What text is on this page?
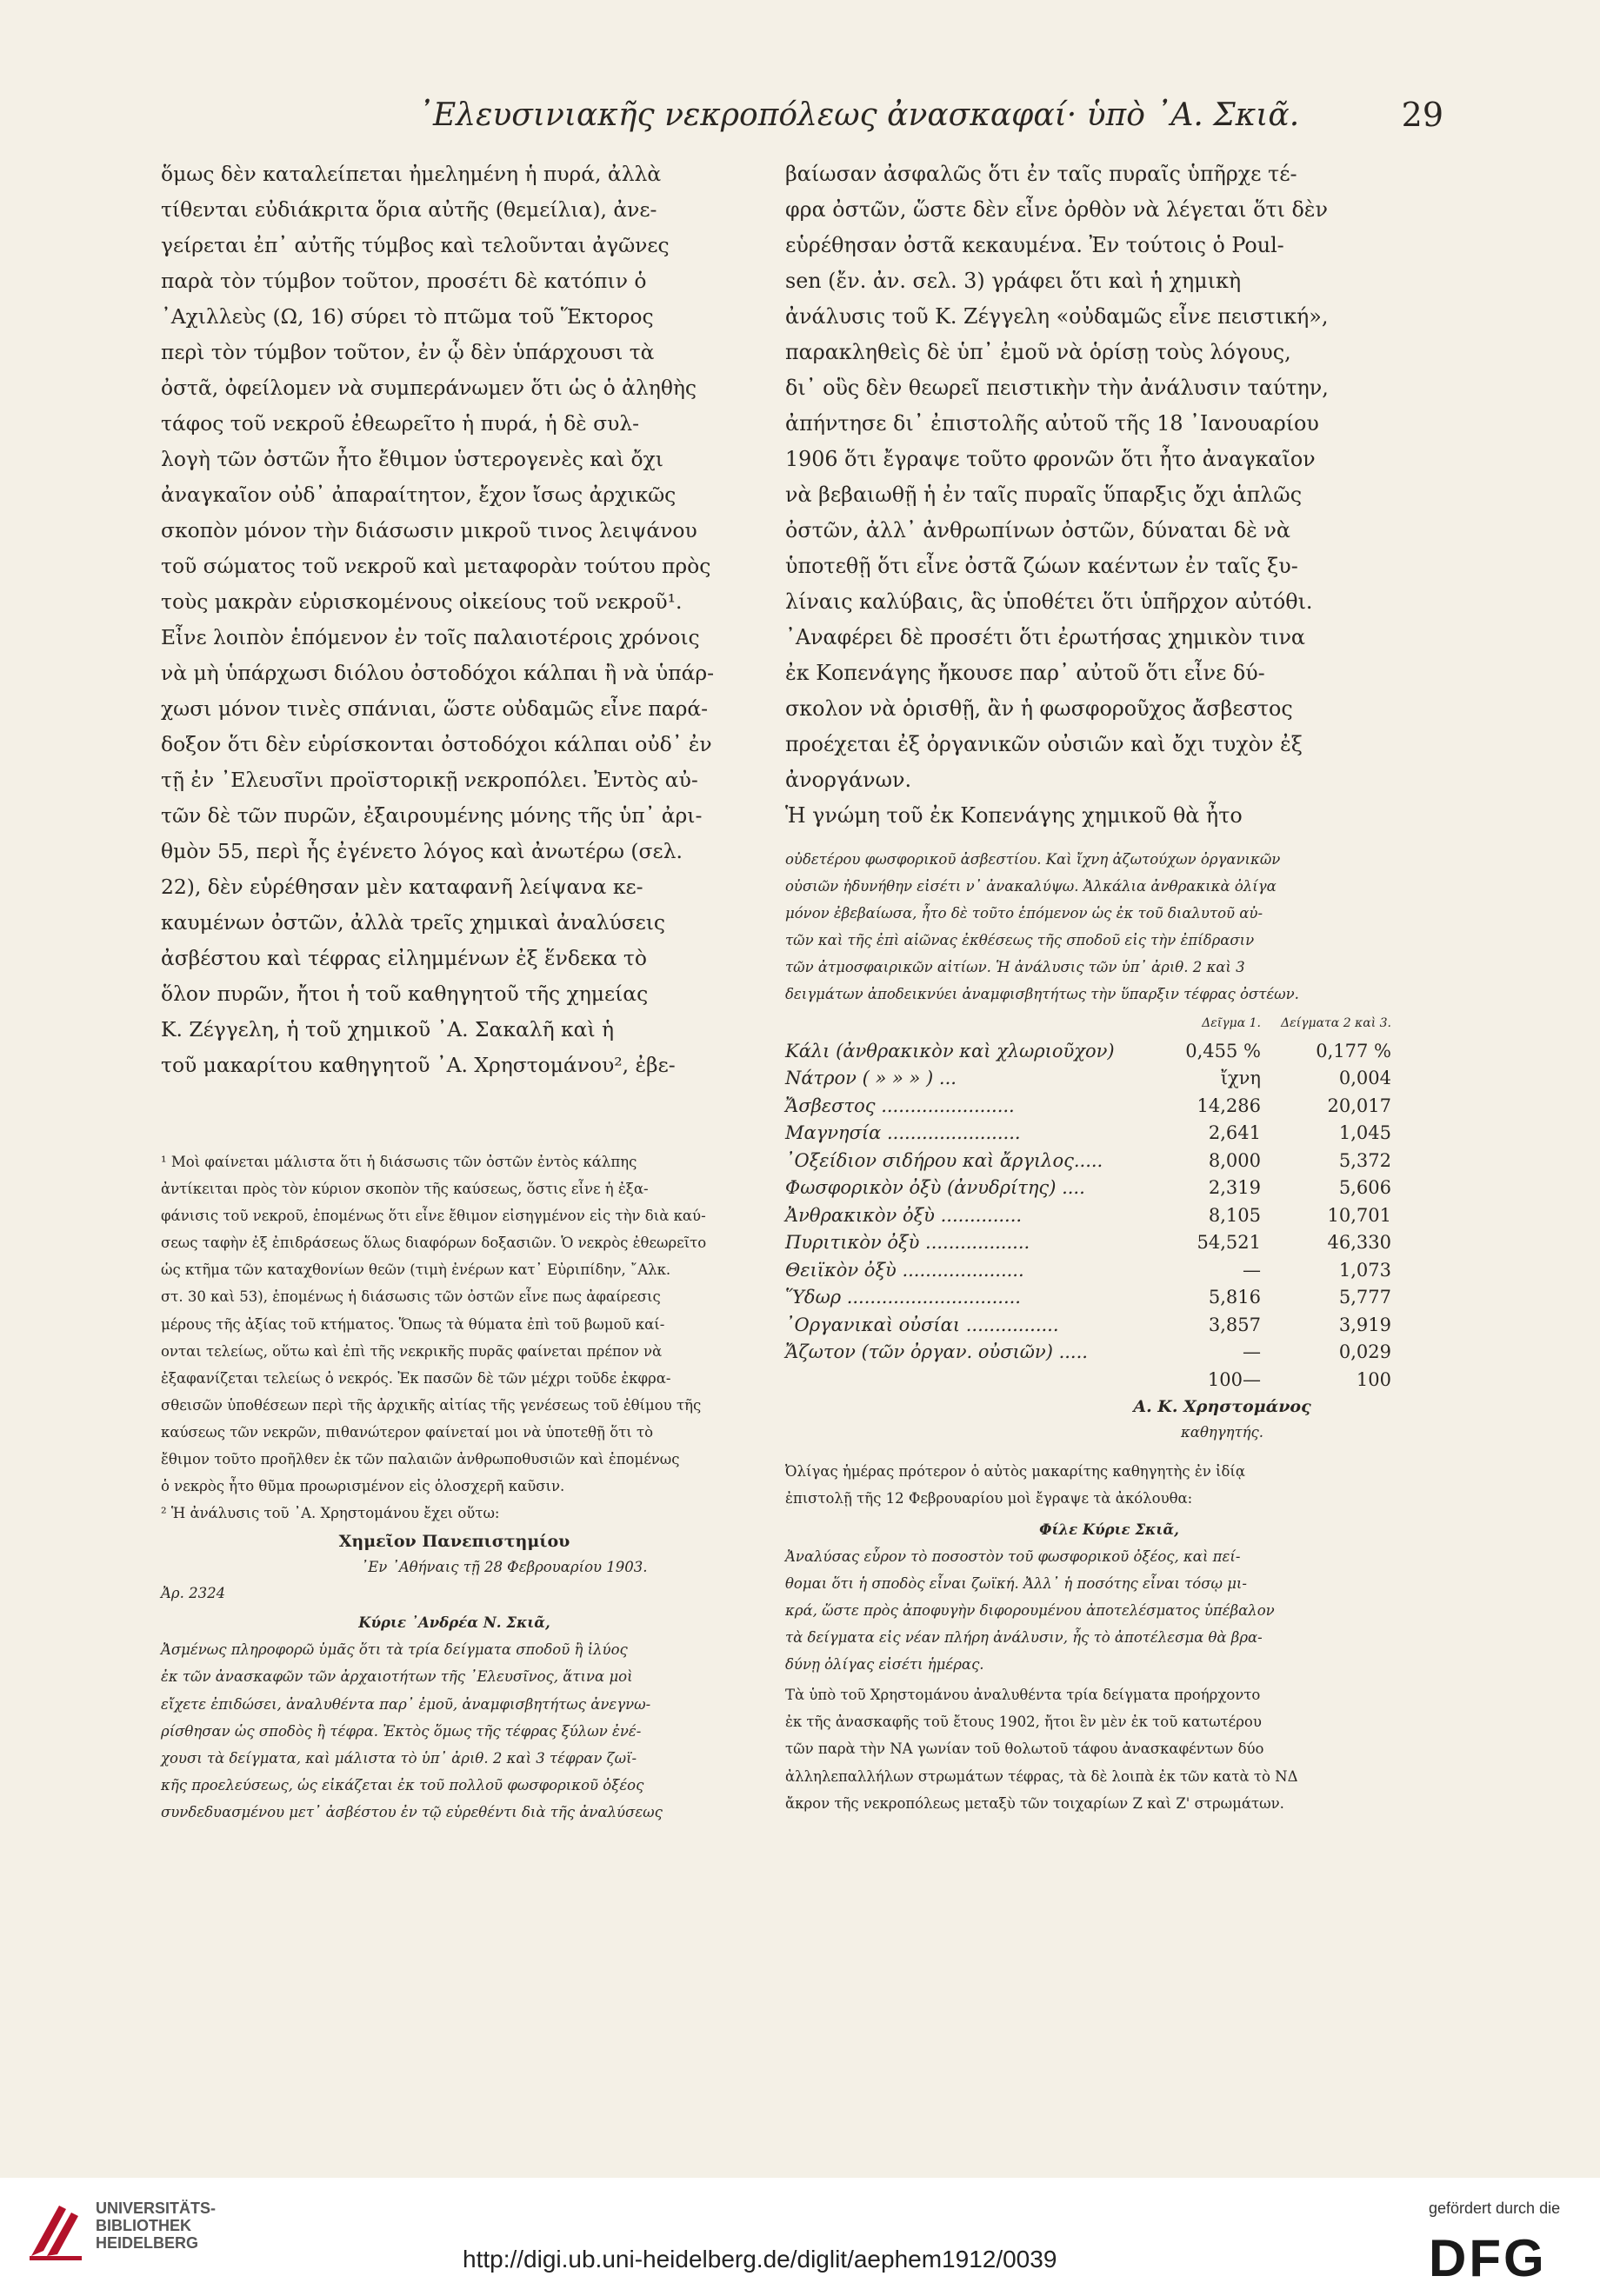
᾿Ελευσινιακῆς νεκροπόλεως ἀνασκαφαί· ὑπὸ ᾿Α. Σκιᾶ.	29
ὅμως δὲν καταλείπεται ἠμελημένη ἡ πυρά, ἀλλὰ
τίθενται εὐδιάκριτα ὅρια αὐτῆς (θεμείλια), ἀνε-
γείρεται ἐπ᾿ αὐτῆς τύμβος καὶ τελοῦνται ἀγῶνες
παρὰ τὸν τύμβον τοῦτον, προσέτι δὲ κατόπιν ὁ
᾿Αχιλλεὺς (Ω, 16) σύρει τὸ πτῶμα τοῦ Ἕκτορος
περὶ τὸν τύμβον τοῦτον, ἐν ᾧ δὲν ὑπάρχουσι τὰ
ὀστᾶ, ὀφείλομεν νὰ συμπεράνωμεν ὅτι ὡς ὁ ἀληθὴς
τάφος τοῦ νεκροῦ ἐθεωρεῖτο ἡ πυρά, ἡ δὲ συλ-
λογὴ τῶν ὀστῶν ἦτο ἔθιμον ὑστερογενὲς καὶ ὄχι
ἀναγκαῖον οὐδ᾿ ἀπαραίτητον, ἔχον ἴσως ἀρχικῶς
σκοπὸν μόνον τὴν διάσωσιν μικροῦ τινος λειψάνου
τοῦ σώματος τοῦ νεκροῦ καὶ μεταφορὰν τούτου πρὸς
τοὺς μακρὰν εὑρισκομένους οἰκείους τοῦ νεκροῦ¹.
Εἶνε λοιπὸν ἑπόμενον ἐν τοῖς παλαιοτέροις χρόνοις
νὰ μὴ ὑπάρχωσι διόλου ὀστοδόχοι κάλπαι ἢ νὰ ὑπάρ-
χωσι μόνον τινὲς σπάνιαι, ὥστε οὐδαμῶς εἶνε παρά-
δοξον ὅτι δὲν εὑρίσκονται ὀστοδόχοι κάλπαι οὐδ᾿ ἐν
τῇ ἐν ᾿Ελευσῖνι προϊστορικῇ νεκροπόλει. Ἐντὸς αὐ-
τῶν δὲ τῶν πυρῶν, ἐξαιρουμένης μόνης τῆς ὑπ᾿ ἀρι-
θμὸν 55, περὶ ἧς ἐγένετο λόγος καὶ ἀνωτέρω (σελ.
22), δὲν εὑρέθησαν μὲν καταφανῆ λείψανα κε-
καυμένων ὀστῶν, ἀλλὰ τρεῖς χημικαὶ ἀναλύσεις
ἀσβέστου καὶ τέφρας εἰλημμένων ἐξ ἕνδεκα τὸ
ὅλον πυρῶν, ἤτοι ἡ τοῦ καθηγητοῦ τῆς χημείας
Κ. Ζέγγελη, ἡ τοῦ χημικοῦ ᾿Α. Σακαλῆ καὶ ἡ
τοῦ μακαρίτου καθηγητοῦ ᾿Α. Χρηστομάνου², ἐβε-
¹ Μοὶ φαίνεται μάλιστα ὅτι ἡ διάσωσις τῶν ὀστῶν ἐντὸς κάλπης
ἀντίκειται πρὸς τὸν κύριον σκοπὸν τῆς καύσεως, ὅστις εἶνε ἡ ἐξα-
φάνισις τοῦ νεκροῦ, ἑπομένως ὅτι εἶνε ἔθιμον εἰσηγμένον εἰς τὴν διὰ καύ-
σεως ταφὴν ἐξ ἐπιδράσεως ὅλως διαφόρων δοξασιῶν. Ὁ νεκρὸς ἐθεωρεῖτο
ὡς κτῆμα τῶν καταχθονίων θεῶν (τιμὴ ἐνέρων κατ᾿ Εὐριπίδην, ῎Αλκ.
στ. 30 καὶ 53), ἑπομένως ἡ διάσωσις τῶν ὀστῶν εἶνε πως ἀφαίρεσις
μέρους τῆς ἀξίας τοῦ κτήματος. Ὅπως τὰ θύματα ἐπὶ τοῦ βωμοῦ καί-
ονται τελείως, οὕτω καὶ ἐπὶ τῆς νεκρικῆς πυρᾶς φαίνεται πρέπον νὰ
ἐξαφανίζεται τελείως ὁ νεκρός. Ἐκ πασῶν δὲ τῶν μέχρι τοῦδε ἐκφρα-
σθεισῶν ὑποθέσεων περὶ τῆς ἀρχικῆς αἰτίας τῆς γενέσεως τοῦ ἐθίμου τῆς
καύσεως τῶν νεκρῶν, πιθανώτερον φαίνεταί μοι νὰ ὑποτεθῇ ὅτι τὸ
ἔθιμον τοῦτο προῆλθεν ἐκ τῶν παλαιῶν ἀνθρωποθυσιῶν καὶ ἑπομένως
ὁ νεκρὸς ἦτο θῦμα προωρισμένον εἰς ὁλοσχερῆ καῦσιν.
² Ἡ ἀνάλυσις τοῦ ᾿Α. Χρηστομάνου ἔχει οὕτω:
Χημεῖον Πανεπιστημίου
᾿Εν ᾿Αθήναις τῇ 28 Φεβρουαρίου 1903.
Ἀρ. 2324
Κύριε ᾿Ανδρέα Ν. Σκιᾶ,
Ἀσμένως πληροφορῶ ὑμᾶς ὅτι τὰ τρία δείγματα σποδοῦ ἢ ἰλύος
ἐκ τῶν ἀνασκαφῶν τῶν ἀρχαιοτήτων τῆς ᾿Ελευσῖνος, ἅτινα μοὶ
εἴχετε ἐπιδώσει, ἀναλυθέντα παρ᾿ ἐμοῦ, ἀναμφισβητήτως ἀνεγνω-
ρίσθησαν ὡς σποδὸς ἢ τέφρα. Ἐκτὸς ὅμως τῆς τέφρας ξύλων ἐνέ-
χουσι τὰ δείγματα, καὶ μάλιστα τὸ ὑπ᾿ ἀριθ. 2 καὶ 3 τέφραν ζωϊ-
κῆς προελεύσεως, ὡς εἰκάζεται ἐκ τοῦ πολλοῦ φωσφορικοῦ ὀξέος
συνδεδυασμένου μετ᾿ ἀσβέστου ἐν τῷ εὑρεθέντι διὰ τῆς ἀναλύσεως
βαίωσαν ἀσφαλῶς ὅτι ἐν ταῖς πυραῖς ὑπῆρχε τέ-
φρα ὀστῶν, ὥστε δὲν εἶνε ὀρθὸν νὰ λέγεται ὅτι δὲν
εὑρέθησαν ὀστᾶ κεκαυμένα. Ἐν τούτοις ὁ Poul-
sen (ἔν. ἀν. σελ. 3) γράφει ὅτι καὶ ἡ χημικὴ
ἀνάλυσις τοῦ Κ. Ζέγγελη «οὐδαμῶς εἶνε πειστική»,
παρακληθεὶς δὲ ὑπ᾿ ἐμοῦ νὰ ὁρίσῃ τοὺς λόγους,
δι᾿ οὓς δὲν θεωρεῖ πειστικὴν τὴν ἀνάλυσιν ταύτην,
ἀπήντησε δι᾿ ἐπιστολῆς αὐτοῦ τῆς 18 ᾿Ιανουαρίου
1906 ὅτι ἔγραψε τοῦτο φρονῶν ὅτι ἦτο ἀναγκαῖον
νὰ βεβαιωθῇ ἡ ἐν ταῖς πυραῖς ὕπαρξις ὄχι ἁπλῶς
ὀστῶν, ἀλλ᾿ ἀνθρωπίνων ὀστῶν, δύναται δὲ νὰ
ὑποτεθῇ ὅτι εἶνε ὀστᾶ ζώων καέντων ἐν ταῖς ξυ-
λίναις καλύβαις, ἃς ὑποθέτει ὅτι ὑπῆρχον αὐτόθι.
᾿Αναφέρει δὲ προσέτι ὅτι ἐρωτήσας χημικὸν τινα
ἐκ Κοπενάγης ἤκουσε παρ᾿ αὐτοῦ ὅτι εἶνε δύ-
σκολον νὰ ὁρισθῇ, ἂν ἡ φωσφοροῦχος ἄσβεστος
προέχεται ἐξ ὀργανικῶν οὐσιῶν καὶ ὄχι τυχὸν ἐξ
ἀνοργάνων.
Ἡ γνώμη τοῦ ἐκ Κοπενάγης χημικοῦ θὰ ἦτο
οὐδετέρου φωσφορικοῦ ἀσβεστίου. Καὶ ἴχνη ἀζωτούχων ὀργανικῶν
οὐσιῶν ἠδυνήθην εἰσέτι ν᾿ ἀνακαλύψω. Ἀλκάλια ἀνθρακικὰ ὀλίγα
μόνον ἐβεβαίωσα, ἦτο δὲ τοῦτο ἑπόμενον ὡς ἐκ τοῦ διαλυτοῦ αὐ-
τῶν καὶ τῆς ἐπὶ αἰῶνας ἐκθέσεως τῆς σποδοῦ εἰς τὴν ἐπίδρασιν
τῶν ἀτμοσφαιρικῶν αἰτίων. Ἡ ἀνάλυσις τῶν ὑπ᾿ ἀριθ. 2 καὶ 3
δειγμάτων ἀποδεικνύει ἀναμφισβητήτως τὴν ὕπαρξιν τέφρας ὀστέων.
	Δεῖγμα 1.	Δείγματα 2 καὶ 3.
Κάλι (ἀνθρακικὸν καὶ χλωριοῦχον)	0,455 %	0,177 %
Νάτρον ( » » » ) ...	ἴχνη	0,004
Ἄσβεστος .......................	14,286	20,017
Μαγνησία .......................	2,641	1,045
᾿Οξείδιον σιδήρου καὶ ἄργιλος.....	8,000	5,372
Φωσφορικὸν ὀξὺ (ἀνυδρίτης) ....	2,319	5,606
Ἀνθρακικὸν ὀξὺ ..............	8,105	10,701
Πυριτικὸν ὀξὺ ..................	54,521	46,330
Θειϊκὸν ὀξὺ .....................	—	1,073
Ὕδωρ ..............................	5,816	5,777
᾿Οργανικαὶ οὐσίαι ................	3,857	3,919
Ἄζωτον (τῶν ὀργαν. οὐσιῶν) .....	—	0,029
	100—	100
Α. Κ. Χρηστομάνος
καθηγητής.
Ὀλίγας ἡμέρας πρότερον ὁ αὐτὸς μακαρίτης καθηγητὴς ἐν ἰδίᾳ
ἐπιστολῇ τῆς 12 Φεβρουαρίου μοὶ ἔγραψε τὰ ἀκόλουθα:
Φίλε Κύριε Σκιᾶ,
Ἀναλύσας εὗρον τὸ ποσοστὸν τοῦ φωσφορικοῦ ὀξέος, καὶ πεί-
θομαι ὅτι ἡ σποδὸς εἶναι ζωϊκή. Ἀλλ᾿ ἡ ποσότης εἶναι τόσῳ μι-
κρά, ὥστε πρὸς ἀποφυγὴν διφορουμένου ἀποτελέσματος ὑπέβαλον
τὰ δείγματα εἰς νέαν πλήρη ἀνάλυσιν, ἧς τὸ ἀποτέλεσμα θὰ βρα-
δύνῃ ὀλίγας εἰσέτι ἡμέρας.
Τὰ ὑπὸ τοῦ Χρηστομάνου ἀναλυθέντα τρία δείγματα προήρχοντο
ἐκ τῆς ἀνασκαφῆς τοῦ ἔτους 1902, ἤτοι ἓν μὲν ἐκ τοῦ κατωτέρου
τῶν παρὰ τὴν ΝΑ γωνίαν τοῦ θολωτοῦ τάφου ἀνασκαφέντων δύο
ἀλληλεπαλλήλων στρωμάτων τέφρας, τὰ δὲ λοιπὰ ἐκ τῶν κατὰ τὸ ΝΔ
ἄκρον τῆς νεκροπόλεως μεταξὺ τῶν τοιχαρίων Ζ καὶ Ζ' στρωμάτων.
UNIVERSITÄTS-
BIBLIOTHEK
HEIDELBERG
http://digi.ub.uni-heidelberg.de/diglit/aephem1912/0039
gefördert durch die
DFG
